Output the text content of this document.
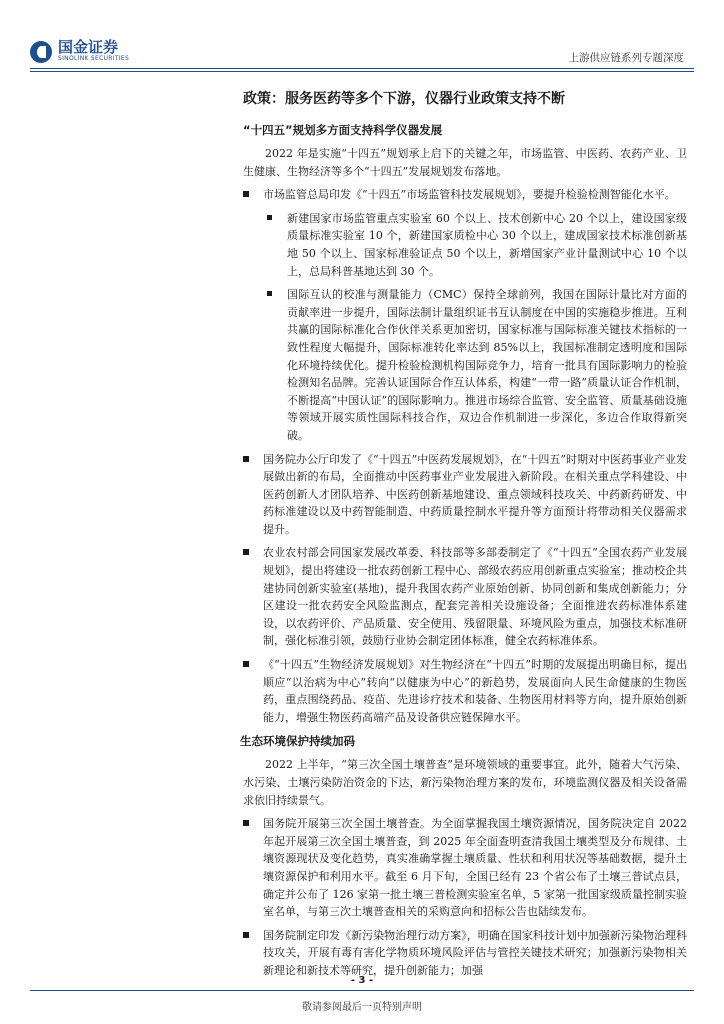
国金证券
SINOLINK SECURITIES	上游供应链系列专题深度
政策：服务医药等多个下游，仪器行业政策支持不断
“十四五”规划多方面支持科学仪器发展

2022 年是实施“十四五”规划承上启下的关键之年，市场监管、中医药、农药产业、卫生健康、生物经济等多个“十四五”发展规划发布落地。

市场监管总局印发《“十四五”市场监管科技发展规划》，要提升检验检测智能化水平。
新建国家市场监管重点实验室 60 个以上、技术创新中心 20 个以上，建设国家级质量标准实验室 10 个，新建国家质检中心 30 个以上，建成国家技术标准创新基地 50 个以上、国家标准验证点 50 个以上，新增国家产业计量测试中心 10 个以上，总局科普基地达到 30 个。
国际互认的校准与测量能力（CMC）保持全球前列，我国在国际计量比对方面的贡献率进一步提升，国际法制计量组织证书互认制度在中国的实施稳步推进。互利共赢的国际标准化合作伙伴关系更加密切，国家标准与国际标准关键技术指标的一致性程度大幅提升，国际标准转化率达到 85%以上，我国标准制定透明度和国际化环境持续优化。提升检验检测机构国际竞争力，培育一批具有国际影响力的检验检测知名品牌。完善认证国际合作互认体系，构建“一带一路”质量认证合作机制，不断提高“中国认证”的国际影响力。推进市场综合监管、安全监管、质量基础设施等领域开展实质性国际科技合作，双边合作机制进一步深化，多边合作取得新突破。
国务院办公厅印发了《“十四五”中医药发展规划》，在“十四五”时期对中医药事业产业发展做出新的布局，全面推动中医药事业产业发展进入新阶段。在相关重点学科建设、中医药创新人才团队培养、中医药创新基地建设、重点领域科技攻关、中药新药研发、中药标准建设以及中药智能制造、中药质量控制水平提升等方面预计将带动相关仪器需求提升。
农业农村部会同国家发展改革委、科技部等多部委制定了《“十四五”全国农药产业发展规划》，提出将建设一批农药创新工程中心、部级农药应用创新重点实验室；推动校企共建协同创新实验室(基地)，提升我国农药产业原始创新、协同创新和集成创新能力；分区建设一批农药安全风险监测点，配套完善相关设施设备；全面推进农药标准体系建设，以农药评价、产品质量、安全使用、残留限量、环境风险为重点，加强技术标准研制，强化标准引领，鼓励行业协会制定团体标准，健全农药标准体系。
《“十四五”生物经济发展规划》对生物经济在“十四五”时期的发展提出明确目标，提出顺应“以治病为中心”转向“以健康为中心”的新趋势，发展面向人民生命健康的生物医药，重点围绕药品、疫苗、先进诊疗技术和装备、生物医用材料等方向，提升原始创新能力，增强生物医药高端产品及设备供应链保障水平。
生态环境保护持续加码

2022 上半年，“第三次全国土壤普查”是环境领域的重要事宜。此外，随着大气污染、水污染、土壤污染防治资金的下达，新污染物治理方案的发布，环境监测仪器及相关设备需求依旧持续景气。

国务院开展第三次全国土壤普查。为全面掌握我国土壤资源情况，国务院决定自 2022 年起开展第三次全国土壤普查，到 2025 年全面查明查清我国土壤类型及分布规律、土壤资源现状及变化趋势，真实准确掌握土壤质量、性状和利用状况等基础数据，提升土壤资源保护和利用水平。截至 6 月下旬，全国已经有 23 个省公布了土壤三普试点县，确定并公布了 126 家第一批土壤三普检测实验室名单，5 家第一批国家级质量控制实验室名单，与第三次土壤普查相关的采购意向和招标公告也陆续发布。
国务院制定印发《新污染物治理行动方案》，明确在国家科技计划中加强新污染物治理科技攻关，开展有毒有害化学物质环境风险评估与管控关键技术研究；加强新污染物相关新理论和新技术等研究，提升创新能力；加强
- 3 -
敬请参阅最后一页特别声明
